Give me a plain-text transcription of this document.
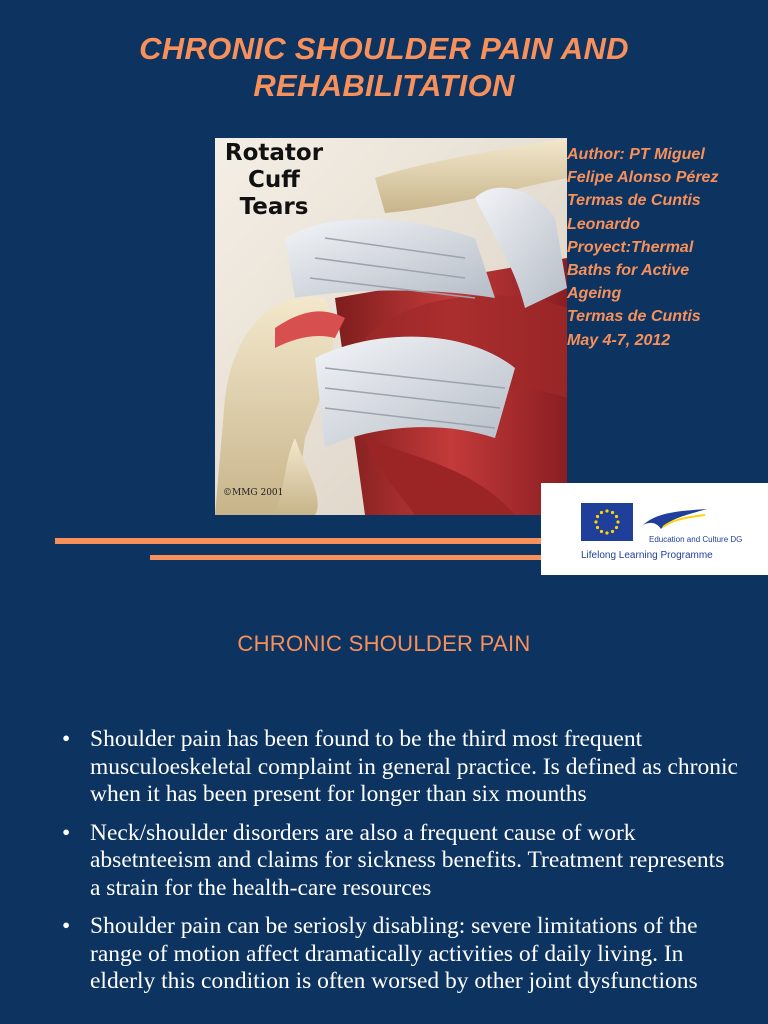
CHRONIC SHOULDER PAIN AND
REHABILITATION
Rotator
Cuff
Tears
©MMG 2001
Author: PT Miguel
Felipe Alonso Pérez
Termas de Cuntis
Leonardo
Proyect:Thermal
Baths for Active
Ageing
Termas de Cuntis
May 4-7, 2012
Education and Culture DG
Lifelong Learning Programme
CHRONIC SHOULDER PAIN
• Shoulder pain has been found to be the third most frequent musculoeskeletal complaint in general practice. Is defined as chronic when it has been present for longer than six mounths
• Neck/shoulder disorders are also a frequent cause of work absetnteeism and claims for sickness benefits. Treatment represents a strain for the health-care resources
• Shoulder pain can be seriosly disabling: severe limitations of the range of motion affect dramatically activities of daily living. In elderly this condition is often worsed by other joint dysfunctions
